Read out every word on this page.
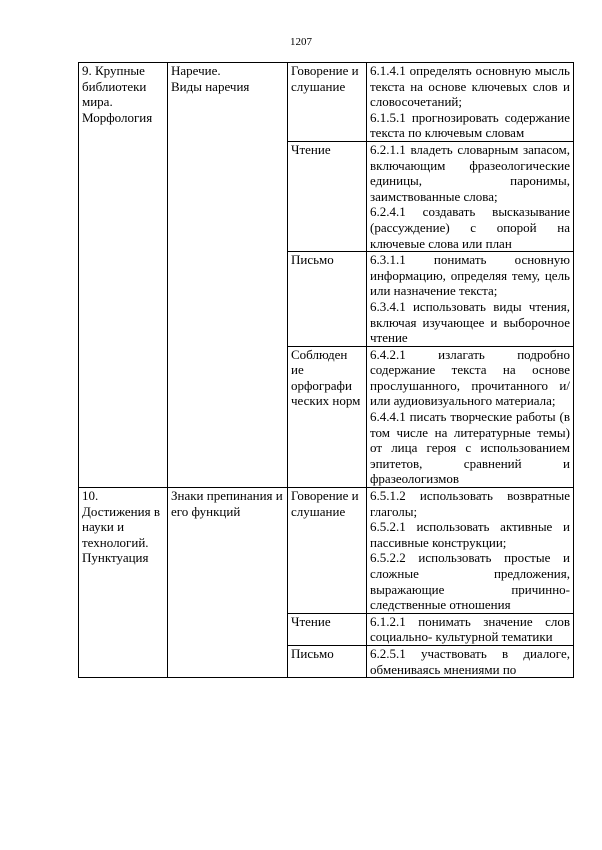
1207
9. Крупные библиотеки мира. Морфология	Наречие.
Виды наречия	Говорение и слушание	6.1.4.1 определять основную мысль текста на основе ключевых слов и словосочетаний;
6.1.5.1 прогнозировать содержание текста по ключевым словам

		Чтение	6.2.1.1 владеть словарным запасом, включающим фразеологические единицы, паронимы, заимствованные слова;
6.2.4.1 создавать высказывание (рассуждение) с опорой на ключевые слова или план

		Письмо	6.3.1.1 понимать основную информацию, определяя тему, цель или назначение текста;
6.3.4.1 использовать виды чтения, включая изучающее и выборочное чтение

		Соблюден ие орфографи ческих норм	6.4.2.1 излагать подробно содержание текста на основе прослушанного, прочитанного и/или аудиовизуального материала;
6.4.4.1 писать творческие работы (в том числе на литературные темы) от лица героя с использованием эпитетов, сравнений и фразеологизмов

10. Достижения в науки и технологий. Пунктуация	Знаки препинания и его функций	Говорение и слушание	6.5.1.2 использовать возвратные глаголы;
6.5.2.1 использовать активные и пассивные конструкции;
6.5.2.2 использовать простые и сложные предложения, выражающие причинно-следственные отношения

		Чтение	6.1.2.1 понимать значение слов социально- культурной тематики

		Письмо	6.2.5.1 участвовать в диалоге, обмениваясь мнениями по
